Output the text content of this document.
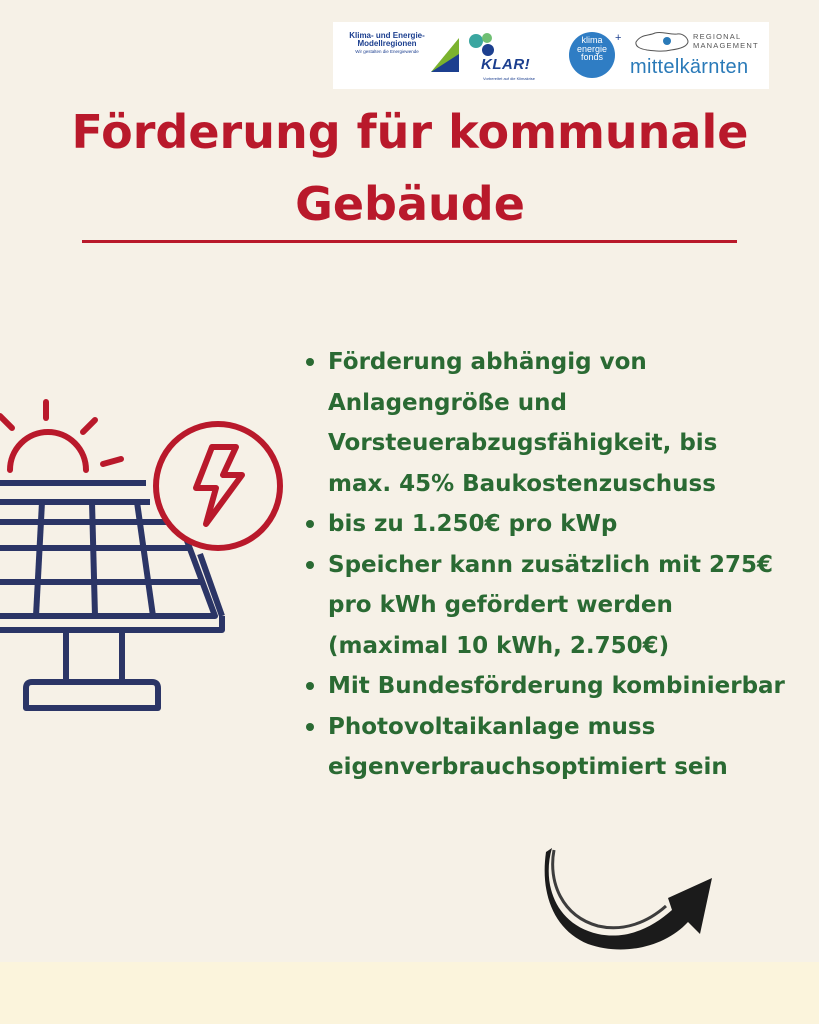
Klima- und Energie-
Modellregionen
Wir gestalten die Energiewende
KLAR!
Vorbereitet auf die Klimakrise
klima
energie
fonds
+	REGIONAL
MANAGEMENT
mittelkärnten
Förderung für kommunale
Gebäude
Förderung abhängig von Anlagengröße und Vorsteuerabzugsfähigkeit, bis max. 45% Baukostenzuschuss
bis zu 1.250€ pro kWp
Speicher kann zusätzlich mit 275€ pro kWh gefördert werden (maximal 10 kWh, 2.750€)
Mit Bundesförderung kombinierbar
Photovoltaikanlage muss eigenverbrauchsoptimiert sein
